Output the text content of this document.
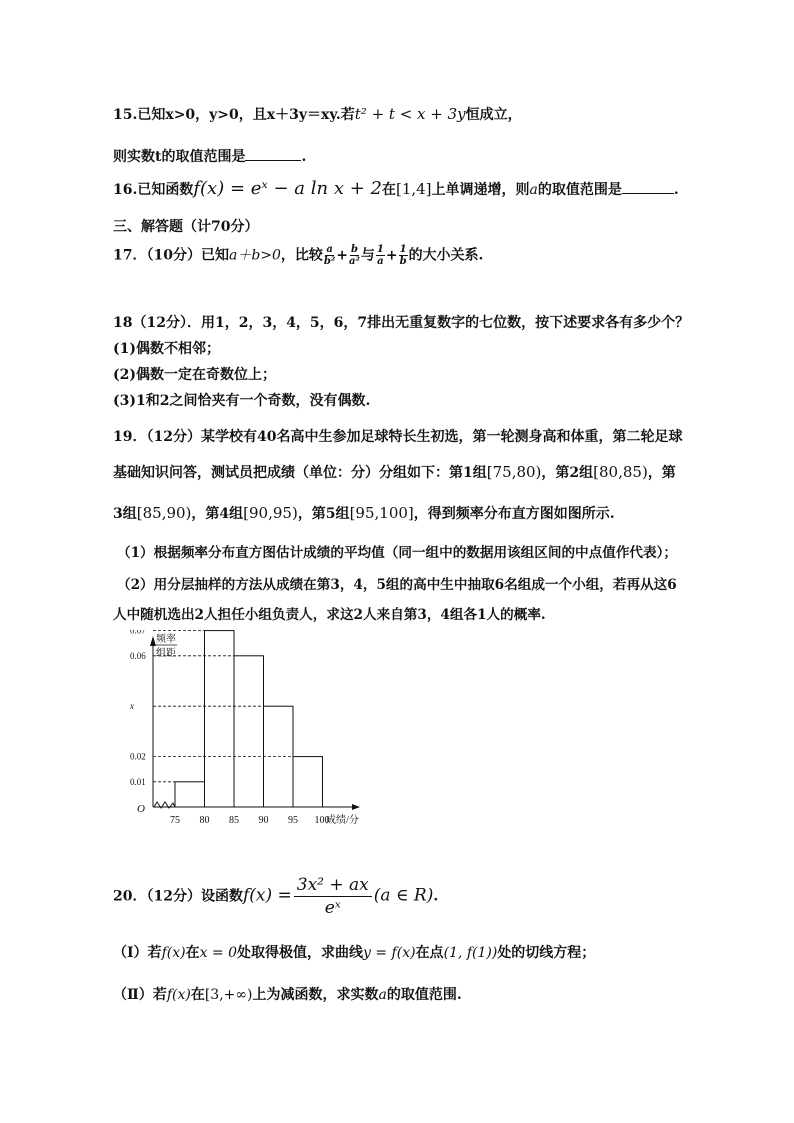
15.已知x>0，y>0，且x＋3y＝xy.若t² + t < x + 3y恒成立，
则实数t的取值范围是	.
16.已知函数f(x) = eˣ − a ln x + 2在[1,4]上单调递增，则a的取值范围是	.
三、解答题（计70分）
17．（10分）已知a＋b>0，比较 $\frac{a}{\text{b²}} + \frac{b}{\text{a²}}$ 与 $\frac{1}{a} + \frac{1}{b}$ 的大小关系.
18（12分）．用1，2，3，4，5，6，7排出无重复数字的七位数，按下述要求各有多少个？
(1)偶数不相邻；
(2)偶数一定在奇数位上；
(3)1和2之间恰夹有一个奇数，没有偶数.
19．（12分）某学校有40名高中生参加足球特长生初选，第一轮测身高和体重，第二轮足球
基础知识问答，测试员把成绩（单位：分）分组如下：第1组[75,80)，第2组[80,85)，第
3组[85,90)，第4组[90,95)，第5组[95,100]，得到频率分布直方图如图所示.
（1）根据频率分布直方图估计成绩的平均值（同一组中的数据用该组区间的中点值作代表）；
（2）用分层抽样的方法从成绩在第3，4，5组的高中生中抽取6名组成一个小组，若再从这6
人中随机选出2人担任小组负责人，求这2人来自第3，4组各1人的概率.
O
频率
组距
成绩/分
0.07
0.06
x
0.02
0.01
75 80 85 90 95 100
20．（12分）设函数$f(x) = \frac{\text{3x² + ax}}{\text{eˣ}} (a$ ∈ R).
（Ⅰ）若f(x)在x = 0处取得极值，求曲线y = f(x)在点(1, f(1))处的切线方程；
（Ⅱ）若f(x)在[3,+∞)上为减函数，求实数a的取值范围.
